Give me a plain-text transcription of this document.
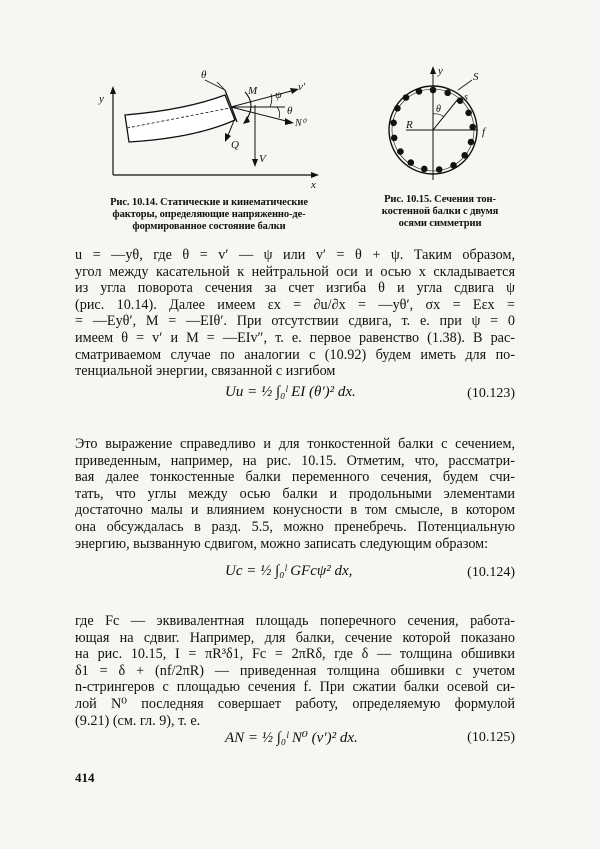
y
x
θ
M ψ
v′
θ
N⁰
Q
V
Рис. 10.14. Статические и кинематические
факторы, определяющие напряженно-де-
формированное состояние балки
y	S
s
θ
R
f
Рис. 10.15. Сечения тон-
костенной балки с двумя
осями симметрии
u = —yθ, где θ = v′ — ψ или v′ = θ + ψ. Таким образом,
угол между касательной к нейтральной оси и осью x складывается
из угла поворота сечения за счет изгиба θ и угла сдвига ψ
(рис. 10.14). Далее имеем εx = ∂u/∂x = —yθ′, σx = Eεx =
= —Eyθ′, M = —EIθ′. При отсутствии сдвига, т. е. при ψ = 0
имеем θ = v′ и M = —EIv″, т. е. первое равенство (1.38). В рас-
сматриваемом случае по аналогии с (10.92) будем иметь для по-
тенциальной энергии, связанной с изгибом
Uи = ½ ∫₀ˡ EI (θ′)² dx.	(10.123)
Это выражение справедливо и для тонкостенной балки с сечением,
приведенным, например, на рис. 10.15. Отметим, что, рассматри-
вая далее тонкостенные балки переменного сечения, будем счи-
тать, что углы между осью балки и продольными элементами
достаточно малы и влиянием конусности в том смысле, в котором
она обсуждалась в разд. 5.5, можно пренебречь. Потенциальную
энергию, вызванную сдвигом, можно записать следующим образом:
Uc = ½ ∫₀ˡ GFcψ² dx,	(10.124)
где Fc — эквивалентная площадь поперечного сечения, работа-
ющая на сдвиг. Например, для балки, сечение которой показано
на рис. 10.15, I = πR³δ1, Fc = 2πRδ, где δ — толщина обшивки
δ1 = δ + (nf/2πR) — приведенная толщина обшивки с учетом
n-стрингеров с площадью сечения f. При сжатии балки осевой си-
лой N⁰ последняя совершает работу, определяемую формулой
(9.21) (см. гл. 9), т. е.
AN = ½ ∫₀ˡ N⁰ (v′)² dx.	(10.125)
414
